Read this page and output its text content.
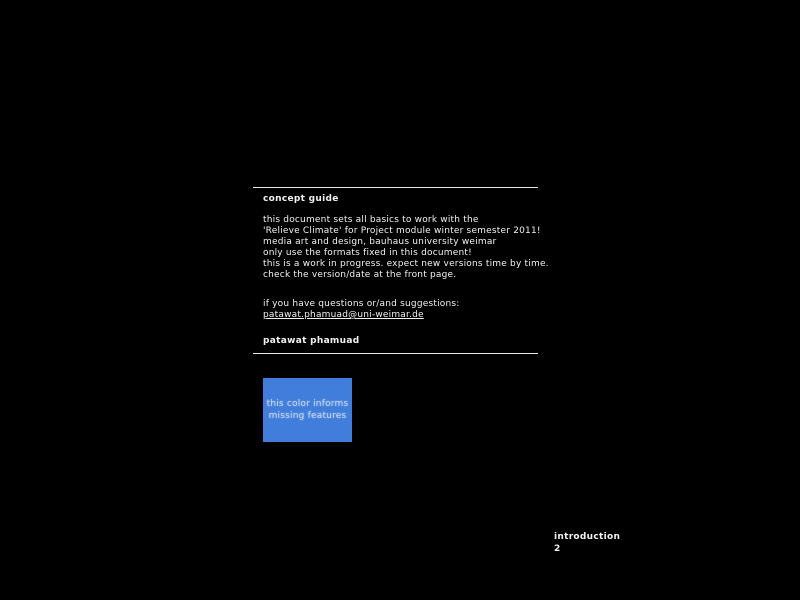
concept guide
this document sets all basics to work with the
'Relieve Climate' for Project module winter semester 2011!
media art and design, bauhaus university weimar
only use the formats fixed in this document!
this is a work in progress. expect new versions time by time.
check the version/date at the front page.
if you have questions or/and suggestions:
patawat.phamuad@uni-weimar.de
patawat phamuad
this color informs
missing features
introduction
2
